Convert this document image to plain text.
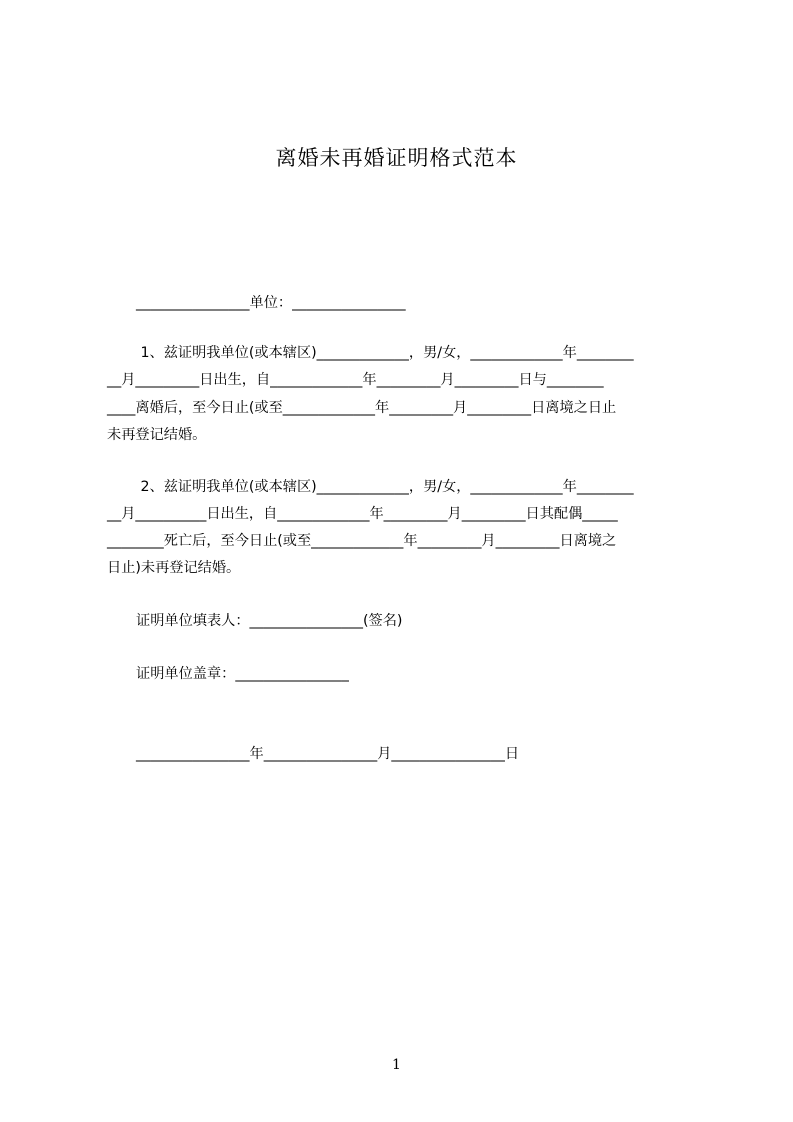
离婚未再婚证明格式范本
________________单位：________________
1、兹证明我单位(或本辖区)_____________，男/女，_____________年________
__月_________日出生，自_____________年_________月_________日与________
____离婚后，至今日止(或至_____________年_________月_________日离境之日止
未再登记结婚。
2、兹证明我单位(或本辖区)_____________，男/女，_____________年________
__月__________日出生，自_____________年_________月_________日其配偶_____
________死亡后，至今日止(或至_____________年_________月_________日离境之
日止)未再登记结婚。
证明单位填表人：________________(签名)
证明单位盖章：________________
________________年________________月________________日
1
